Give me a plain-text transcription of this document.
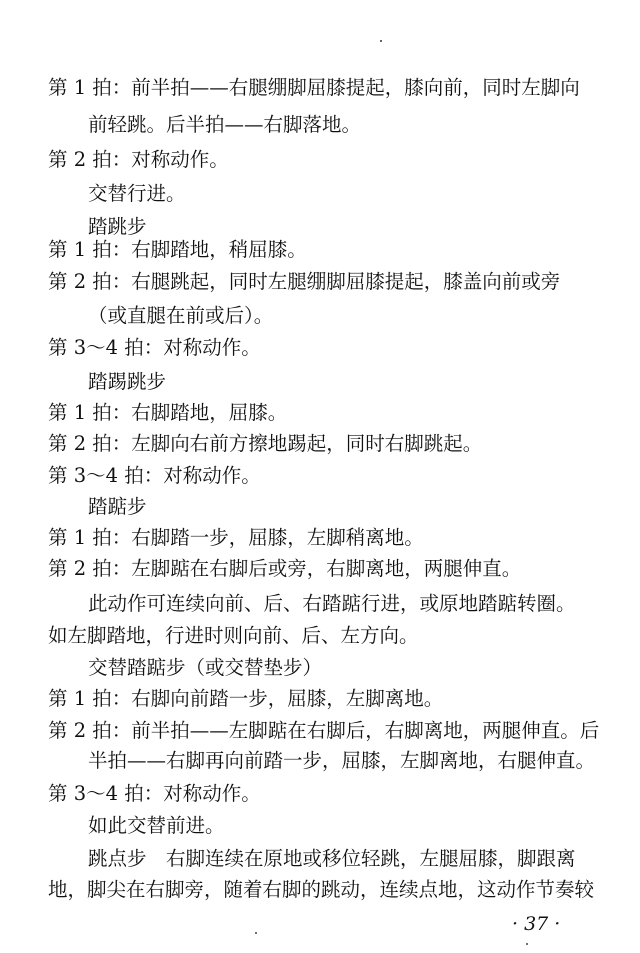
第 1 拍：前半拍——右腿绷脚屈膝提起，膝向前，同时左脚向
前轻跳。后半拍——右脚落地。
第 2 拍：对称动作。
交替行进。
踏跳步
第 1 拍：右脚踏地，稍屈膝。
第 2 拍：右腿跳起，同时左腿绷脚屈膝提起，膝盖向前或旁
（或直腿在前或后）。
第 3～4 拍：对称动作。
踏踢跳步
第 1 拍：右脚踏地，屈膝。
第 2 拍：左脚向右前方擦地踢起，同时右脚跳起。
第 3～4 拍：对称动作。
踏踮步
第 1 拍：右脚踏一步，屈膝，左脚稍离地。
第 2 拍：左脚踮在右脚后或旁，右脚离地，两腿伸直。
此动作可连续向前、后、右踏踮行进，或原地踏踮转圈。
如左脚踏地，行进时则向前、后、左方向。
交替踏踮步（或交替垫步）
第 1 拍：右脚向前踏一步，屈膝，左脚离地。
第 2 拍：前半拍——左脚踮在右脚后，右脚离地，两腿伸直。后
半拍——右脚再向前踏一步，屈膝，左脚离地，右腿伸直。
第 3～4 拍：对称动作。
如此交替前进。
跳点步　右脚连续在原地或移位轻跳，左腿屈膝，脚跟离
地，脚尖在右脚旁，随着右脚的跳动，连续点地，这动作节奏较
· 37 ·
